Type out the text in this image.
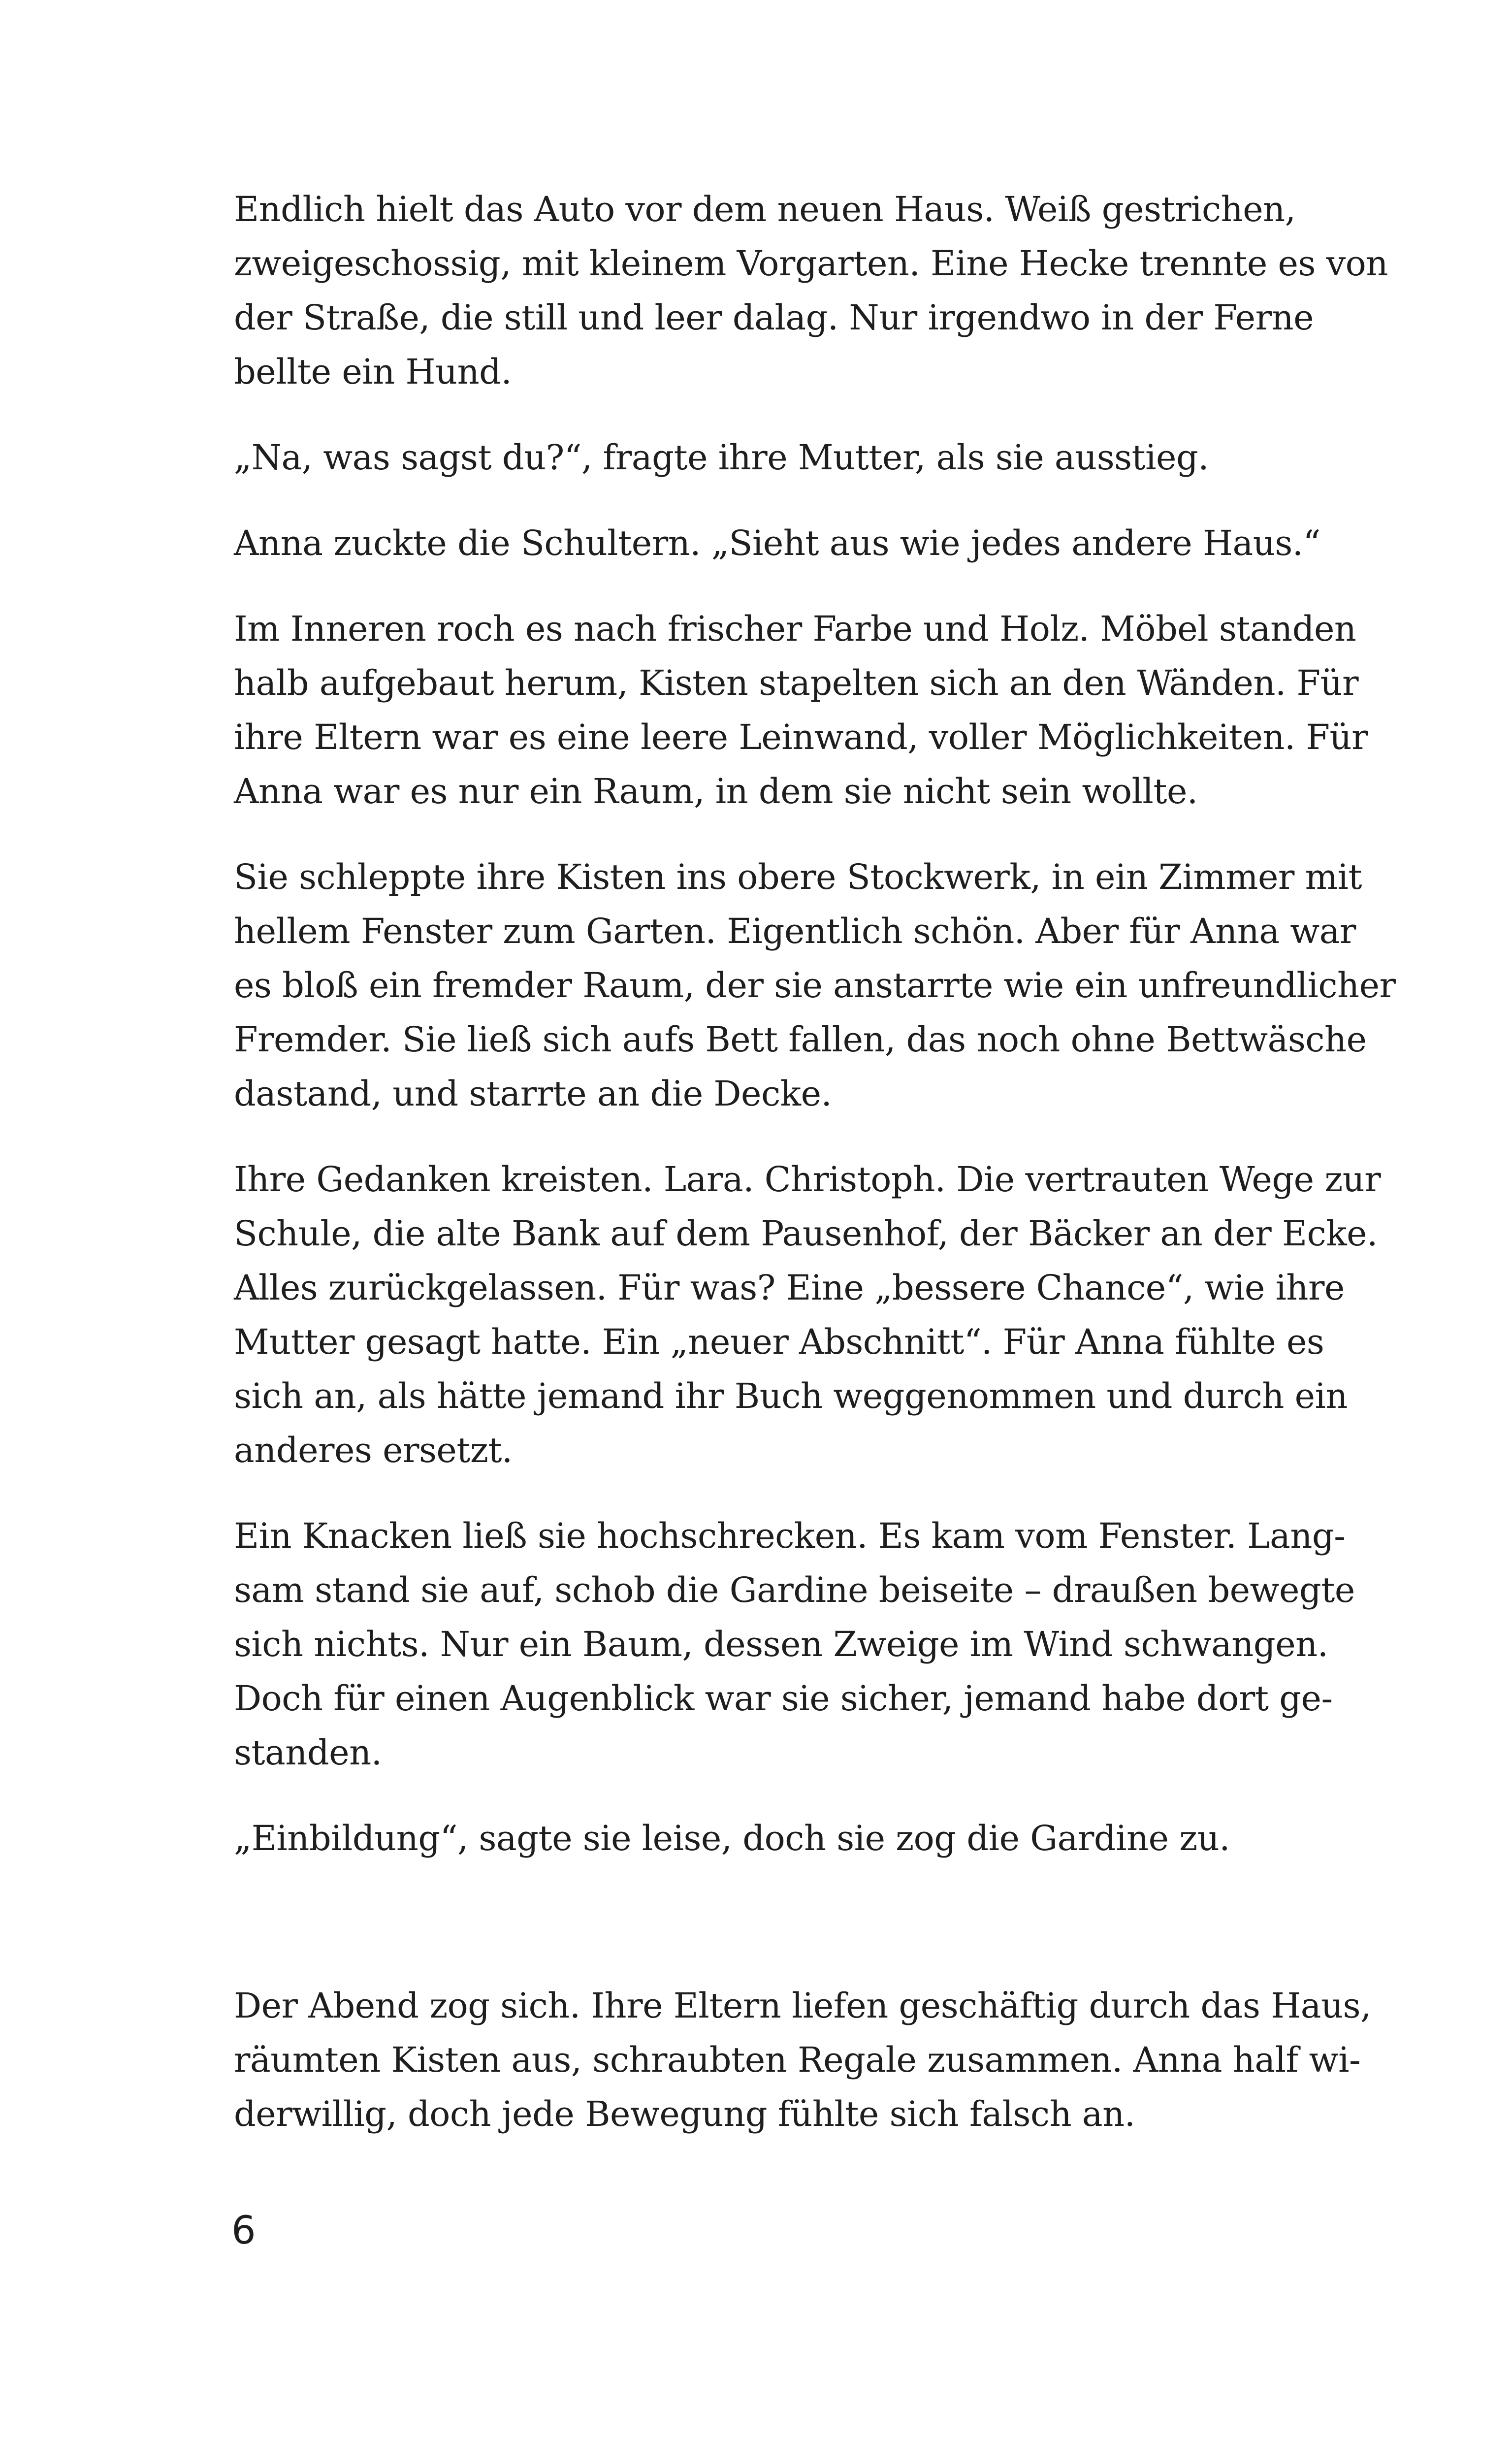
Endlich hielt das Auto vor dem neuen Haus. Weiß gestrichen,
zweigeschossig, mit kleinem Vorgarten. Eine Hecke trennte es von
der Straße, die still und leer dalag. Nur irgendwo in der Ferne
bellte ein Hund.
„Na, was sagst du?“, fragte ihre Mutter, als sie ausstieg.
Anna zuckte die Schultern. „Sieht aus wie jedes andere Haus.“
Im Inneren roch es nach frischer Farbe und Holz. Möbel standen
halb aufgebaut herum, Kisten stapelten sich an den Wänden. Für
ihre Eltern war es eine leere Leinwand, voller Möglichkeiten. Für
Anna war es nur ein Raum, in dem sie nicht sein wollte.
Sie schleppte ihre Kisten ins obere Stockwerk, in ein Zimmer mit
hellem Fenster zum Garten. Eigentlich schön. Aber für Anna war
es bloß ein fremder Raum, der sie anstarrte wie ein unfreundlicher
Fremder. Sie ließ sich aufs Bett fallen, das noch ohne Bettwäsche
dastand, und starrte an die Decke.
Ihre Gedanken kreisten. Lara. Christoph. Die vertrauten Wege zur
Schule, die alte Bank auf dem Pausenhof, der Bäcker an der Ecke.
Alles zurückgelassen. Für was? Eine „bessere Chance“, wie ihre
Mutter gesagt hatte. Ein „neuer Abschnitt“. Für Anna fühlte es
sich an, als hätte jemand ihr Buch weggenommen und durch ein
anderes ersetzt.
Ein Knacken ließ sie hochschrecken. Es kam vom Fenster. Lang-
sam stand sie auf, schob die Gardine beiseite – draußen bewegte
sich nichts. Nur ein Baum, dessen Zweige im Wind schwangen.
Doch für einen Augenblick war sie sicher, jemand habe dort ge-
standen.
„Einbildung“, sagte sie leise, doch sie zog die Gardine zu.
Der Abend zog sich. Ihre Eltern liefen geschäftig durch das Haus,
räumten Kisten aus, schraubten Regale zusammen. Anna half wi-
derwillig, doch jede Bewegung fühlte sich falsch an.
6
